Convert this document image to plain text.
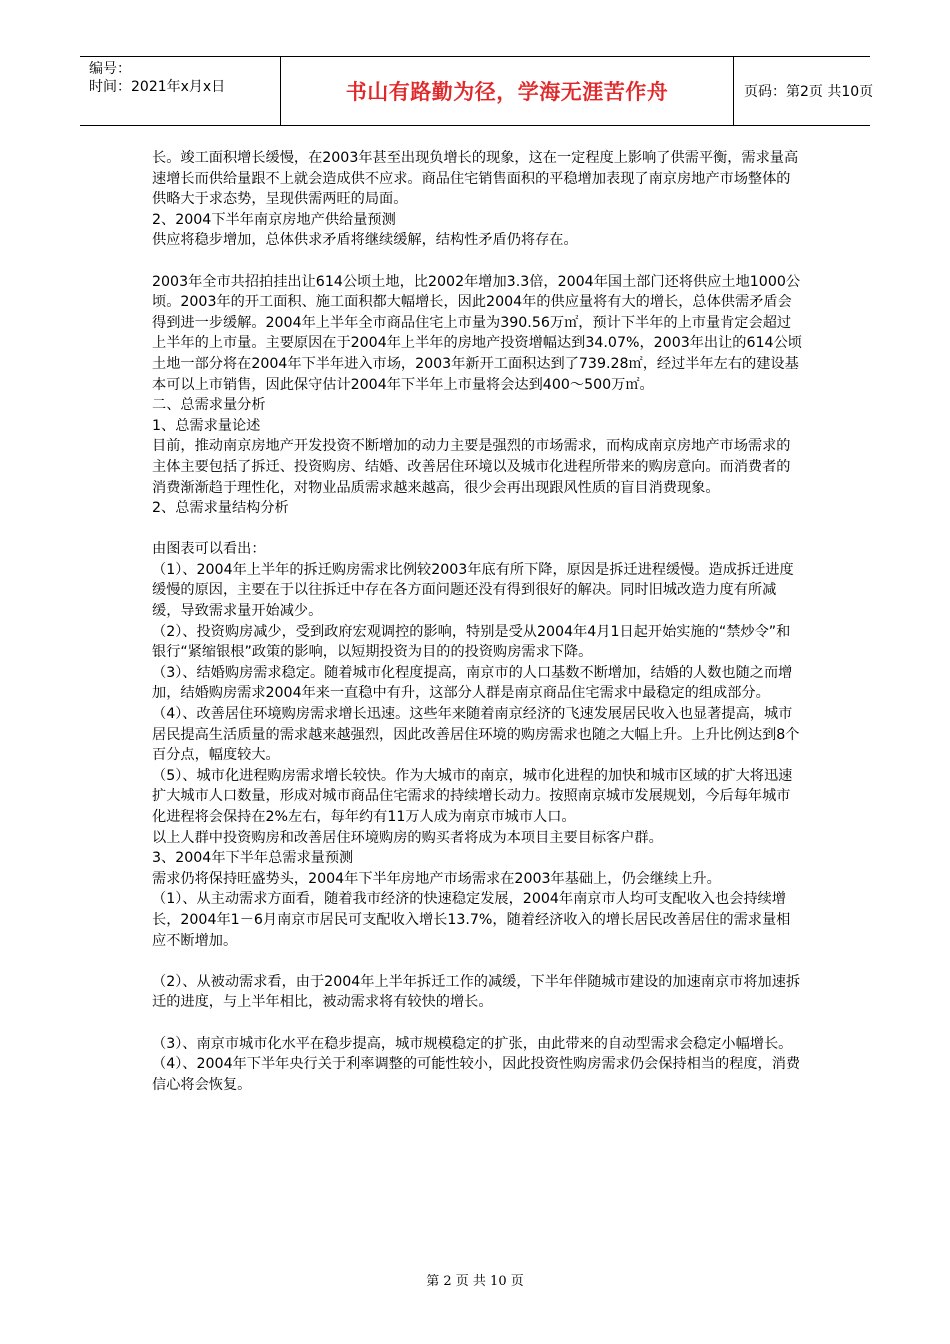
编号：
时间：2021年x月x日	书山有路勤为径，学海无涯苦作舟	页码：第2页 共10页

长。竣工面积增长缓慢，在2003年甚至出现负增长的现象，这在一定程度上影响了供需平衡，需求量高速增长而供给量跟不上就会造成供不应求。商品住宅销售面积的平稳增加表现了南京房地产市场整体的供略大于求态势，呈现供需两旺的局面。

2、2004下半年南京房地产供给量预测

供应将稳步增加，总体供求矛盾将继续缓解，结构性矛盾仍将存在。

2003年全市共招拍挂出让614公顷土地，比2002年增加3.3倍，2004年国土部门还将供应土地1000公顷。2003年的开工面积、施工面积都大幅增长，因此2004年的供应量将有大的增长，总体供需矛盾会得到进一步缓解。2004年上半年全市商品住宅上市量为390.56万㎡，预计下半年的上市量肯定会超过上半年的上市量。主要原因在于2004年上半年的房地产投资增幅达到34.07%，2003年出让的614公顷土地一部分将在2004年下半年进入市场，2003年新开工面积达到了739.28㎡，经过半年左右的建设基本可以上市销售，因此保守估计2004年下半年上市量将会达到400～500万㎡。

二、总需求量分析

1、总需求量论述

目前，推动南京房地产开发投资不断增加的动力主要是强烈的市场需求，而构成南京房地产市场需求的主体主要包括了拆迁、投资购房、结婚、改善居住环境以及城市化进程所带来的购房意向。而消费者的消费渐渐趋于理性化，对物业品质需求越来越高，很少会再出现跟风性质的盲目消费现象。

2、总需求量结构分析

由图表可以看出：

（1）、2004年上半年的拆迁购房需求比例较2003年底有所下降，原因是拆迁进程缓慢。造成拆迁进度缓慢的原因，主要在于以往拆迁中存在各方面问题还没有得到很好的解决。同时旧城改造力度有所减缓，导致需求量开始减少。

（2）、投资购房减少，受到政府宏观调控的影响，特别是受从2004年4月1日起开始实施的“禁炒令”和银行“紧缩银根”政策的影响，以短期投资为目的的投资购房需求下降。

（3）、结婚购房需求稳定。随着城市化程度提高，南京市的人口基数不断增加，结婚的人数也随之而增加，结婚购房需求2004年来一直稳中有升，这部分人群是南京商品住宅需求中最稳定的组成部分。

（4）、改善居住环境购房需求增长迅速。这些年来随着南京经济的飞速发展居民收入也显著提高，城市居民提高生活质量的需求越来越强烈，因此改善居住环境的购房需求也随之大幅上升。上升比例达到8个百分点，幅度较大。

（5）、城市化进程购房需求增长较快。作为大城市的南京，城市化进程的加快和城市区域的扩大将迅速扩大城市人口数量，形成对城市商品住宅需求的持续增长动力。按照南京城市发展规划，今后每年城市化进程将会保持在2%左右，每年约有11万人成为南京市城市人口。

以上人群中投资购房和改善居住环境购房的购买者将成为本项目主要目标客户群。

3、2004年下半年总需求量预测

需求仍将保持旺盛势头，2004年下半年房地产市场需求在2003年基础上，仍会继续上升。

（1）、从主动需求方面看，随着我市经济的快速稳定发展，2004年南京市人均可支配收入也会持续增长，2004年1－6月南京市居民可支配收入增长13.7%，随着经济收入的增长居民改善居住的需求量相应不断增加。

（2）、从被动需求看，由于2004年上半年拆迁工作的减缓，下半年伴随城市建设的加速南京市将加速拆迁的进度，与上半年相比，被动需求将有较快的增长。

（3）、南京市城市化水平在稳步提高，城市规模稳定的扩张，由此带来的自动型需求会稳定小幅增长。

（4）、2004年下半年央行关于利率调整的可能性较小，因此投资性购房需求仍会保持相当的程度，消费信心将会恢复。

第 2 页 共 10 页
